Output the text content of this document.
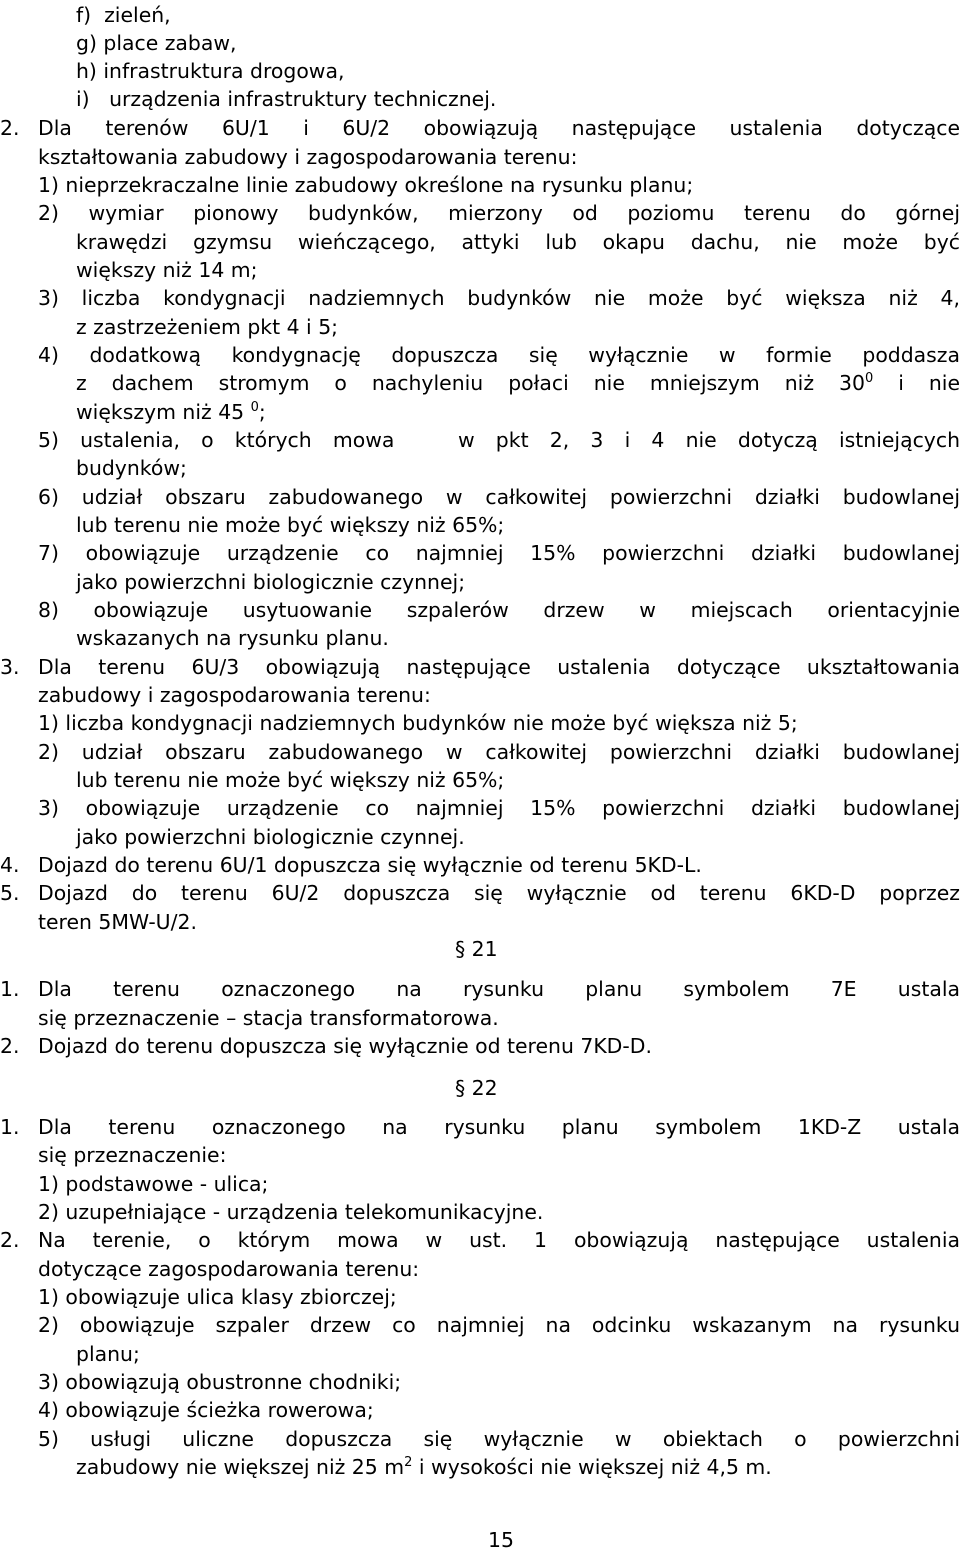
f) zieleń,
g) place zabaw,
h) infrastruktura drogowa,
i) urządzenia infrastruktury technicznej.
2. Dla terenów 6U/1 i 6U/2 obowiązują następujące ustalenia dotyczące
kształtowania zabudowy i zagospodarowania terenu:
1) nieprzekraczalne linie zabudowy określone na rysunku planu;
2) wymiar pionowy budynków, mierzony od poziomu terenu do górnej
krawędzi gzymsu wieńczącego, attyki lub okapu dachu, nie może być
większy niż 14 m;
3) liczba kondygnacji nadziemnych budynków nie może być większa niż 4,
z zastrzeżeniem pkt 4 i 5;
4) dodatkową kondygnację dopuszcza się wyłącznie w formie poddasza
z dachem stromym o nachyleniu połaci nie mniejszym niż $30^0$ i nie
większym niż 45 $^0$;
5) ustalenia, o których mowa   w pkt 2, 3 i 4 nie dotyczą istniejących
budynków;
6) udział obszaru zabudowanego w całkowitej powierzchni działki budowlanej
lub terenu nie może być większy niż 65%;
7) obowiązuje urządzenie co najmniej 15% powierzchni działki budowlanej
jako powierzchni biologicznie czynnej;
8) obowiązuje usytuowanie szpalerów drzew w miejscach orientacyjnie
wskazanych na rysunku planu.
3. Dla terenu 6U/3 obowiązują następujące ustalenia dotyczące ukształtowania
zabudowy i zagospodarowania terenu:
1) liczba kondygnacji nadziemnych budynków nie może być większa niż 5;
2) udział obszaru zabudowanego w całkowitej powierzchni działki budowlanej
lub terenu nie może być większy niż 65%;
3) obowiązuje urządzenie co najmniej 15% powierzchni działki budowlanej
jako powierzchni biologicznie czynnej.
4. Dojazd do terenu 6U/1 dopuszcza się wyłącznie od terenu 5KD-L.
5. Dojazd do terenu 6U/2 dopuszcza się wyłącznie od terenu 6KD-D poprzez
teren 5MW-U/2.
§ 21
1. Dla terenu oznaczonego na rysunku planu symbolem 7E ustala
się przeznaczenie – stacja transformatorowa.
2. Dojazd do terenu dopuszcza się wyłącznie od terenu 7KD-D.
§ 22
1. Dla terenu oznaczonego na rysunku planu symbolem 1KD-Z ustala
się przeznaczenie:
1) podstawowe - ulica;
2) uzupełniające - urządzenia telekomunikacyjne.
2. Na terenie, o którym mowa w ust. 1 obowiązują następujące ustalenia
dotyczące zagospodarowania terenu:
1) obowiązuje ulica klasy zbiorczej;
2) obowiązuje szpaler drzew co najmniej na odcinku wskazanym na rysunku
planu;
3) obowiązują obustronne chodniki;
4) obowiązuje ścieżka rowerowa;
5) usługi uliczne dopuszcza się wyłącznie w obiektach o powierzchni
zabudowy nie większej niż 25 $m^2$ i wysokości nie większej niż 4,5 m.
15
